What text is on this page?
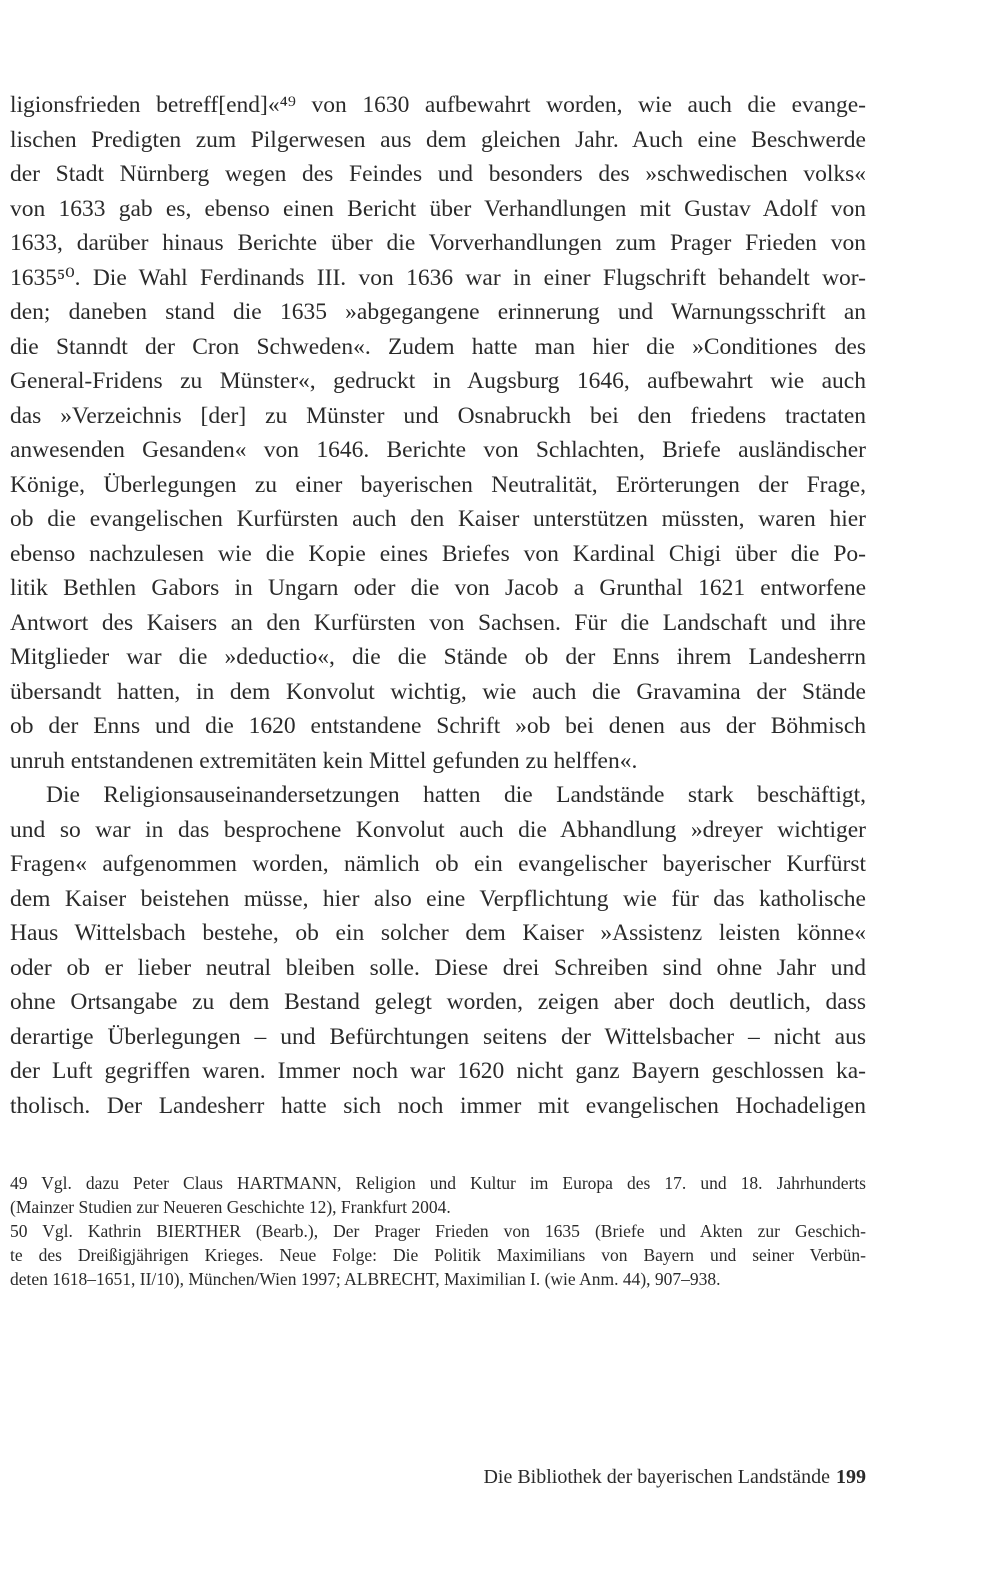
ligionsfrieden betreff[end]«⁴⁹ von 1630 aufbewahrt worden, wie auch die evange-
lischen Predigten zum Pilgerwesen aus dem gleichen Jahr. Auch eine Beschwerde
der Stadt Nürnberg wegen des Feindes und besonders des »schwedischen volks«
von 1633 gab es, ebenso einen Bericht über Verhandlungen mit Gustav Adolf von
1633, darüber hinaus Berichte über die Vorverhandlungen zum Prager Frieden von
1635⁵⁰. Die Wahl Ferdinands III. von 1636 war in einer Flugschrift behandelt wor-
den; daneben stand die 1635 »abgegangene erinnerung und Warnungsschrift an
die Stanndt der Cron Schweden«. Zudem hatte man hier die »Conditiones des
General-Fridens zu Münster«, gedruckt in Augsburg 1646, aufbewahrt wie auch
das »Verzeichnis [der] zu Münster und Osnabruckh bei den friedens tractaten
anwesenden Gesanden« von 1646. Berichte von Schlachten, Briefe ausländischer
Könige, Überlegungen zu einer bayerischen Neutralität, Erörterungen der Frage,
ob die evangelischen Kurfürsten auch den Kaiser unterstützen müssten, waren hier
ebenso nachzulesen wie die Kopie eines Briefes von Kardinal Chigi über die Po-
litik Bethlen Gabors in Ungarn oder die von Jacob a Grunthal 1621 entworfene
Antwort des Kaisers an den Kurfürsten von Sachsen. Für die Landschaft und ihre
Mitglieder war die »deductio«, die die Stände ob der Enns ihrem Landesherrn
übersandt hatten, in dem Konvolut wichtig, wie auch die Gravamina der Stände
ob der Enns und die 1620 entstandene Schrift »ob bei denen aus der Böhmisch
unruh entstandenen extremitäten kein Mittel gefunden zu helffen«.
Die Religionsauseinandersetzungen hatten die Landstände stark beschäftigt,
und so war in das besprochene Konvolut auch die Abhandlung »dreyer wichtiger
Fragen« aufgenommen worden, nämlich ob ein evangelischer bayerischer Kurfürst
dem Kaiser beistehen müsse, hier also eine Verpflichtung wie für das katholische
Haus Wittelsbach bestehe, ob ein solcher dem Kaiser »Assistenz leisten könne«
oder ob er lieber neutral bleiben solle. Diese drei Schreiben sind ohne Jahr und
ohne Ortsangabe zu dem Bestand gelegt worden, zeigen aber doch deutlich, dass
derartige Überlegungen – und Befürchtungen seitens der Wittelsbacher – nicht aus
der Luft gegriffen waren. Immer noch war 1620 nicht ganz Bayern geschlossen ka-
tholisch. Der Landesherr hatte sich noch immer mit evangelischen Hochadeligen
49 Vgl. dazu Peter Claus HARTMANN, Religion und Kultur im Europa des 17. und 18. Jahrhunderts
(Mainzer Studien zur Neueren Geschichte 12), Frankfurt 2004.
50 Vgl. Kathrin BIERTHER (Bearb.), Der Prager Frieden von 1635 (Briefe und Akten zur Geschich-
te des Dreißigjährigen Krieges. Neue Folge: Die Politik Maximilians von Bayern und seiner Verbün-
deten 1618–1651, II/10), München/Wien 1997; ALBRECHT, Maximilian I. (wie Anm. 44), 907–938.
Die Bibliothek der bayerischen Landstände 199
